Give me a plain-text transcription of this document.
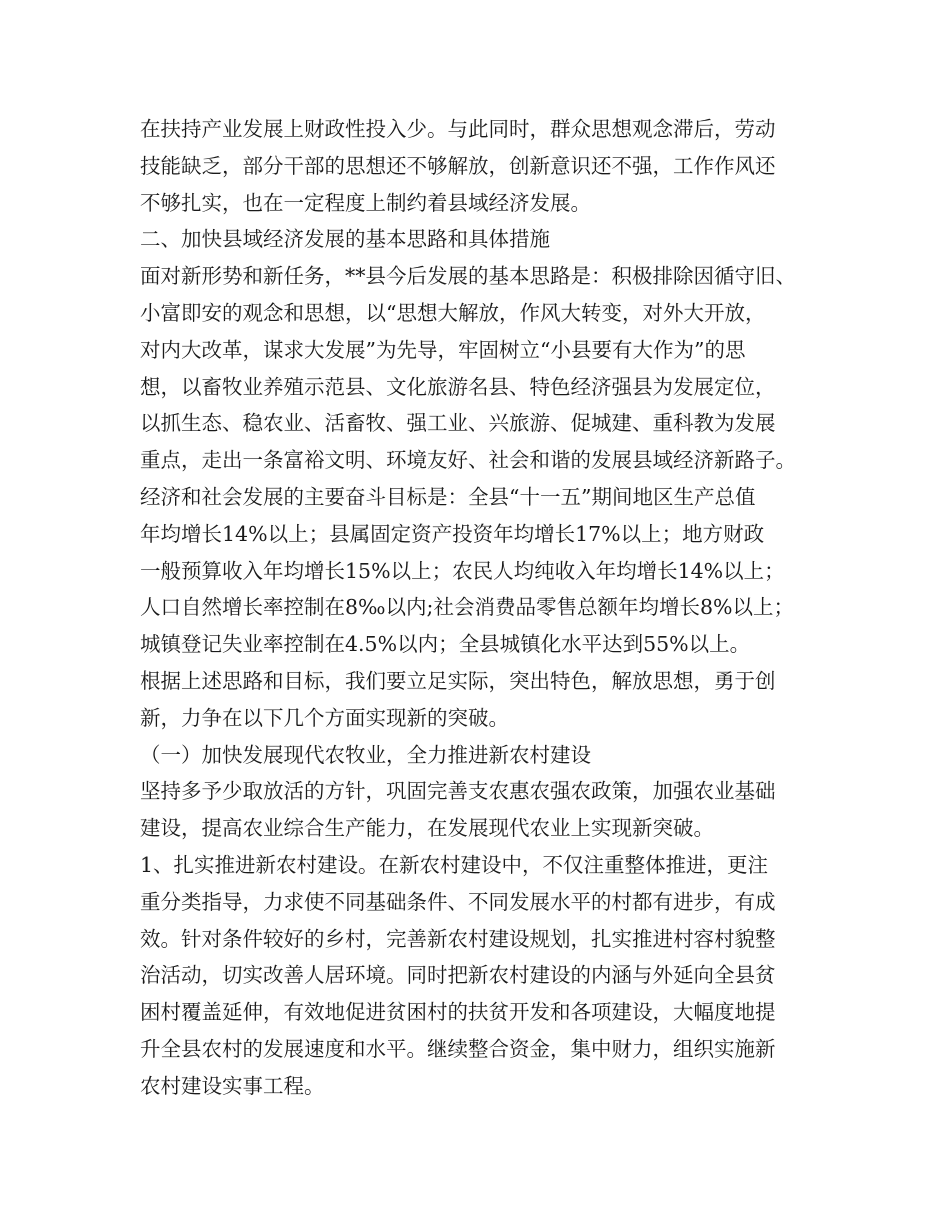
在扶持产业发展上财政性投入少。与此同时，群众思想观念滞后，劳动
技能缺乏，部分干部的思想还不够解放，创新意识还不强，工作作风还
不够扎实，也在一定程度上制约着县域经济发展。
二、加快县域经济发展的基本思路和具体措施
面对新形势和新任务，**县今后发展的基本思路是：积极排除因循守旧、
小富即安的观念和思想，以“思想大解放，作风大转变，对外大开放，
对内大改革，谋求大发展”为先导，牢固树立“小县要有大作为”的思
想，以畜牧业养殖示范县、文化旅游名县、特色经济强县为发展定位，
以抓生态、稳农业、活畜牧、强工业、兴旅游、促城建、重科教为发展
重点，走出一条富裕文明、环境友好、社会和谐的发展县域经济新路子。
经济和社会发展的主要奋斗目标是：全县“十一五”期间地区生产总值
年均增长14%以上；县属固定资产投资年均增长17%以上；地方财政
一般预算收入年均增长15%以上；农民人均纯收入年均增长14%以上；
人口自然增长率控制在8‰以内;社会消费品零售总额年均增长8%以上；
城镇登记失业率控制在4.5%以内；全县城镇化水平达到55%以上。
根据上述思路和目标，我们要立足实际，突出特色，解放思想，勇于创
新，力争在以下几个方面实现新的突破。
（一）加快发展现代农牧业，全力推进新农村建设
坚持多予少取放活的方针，巩固完善支农惠农强农政策，加强农业基础
建设，提高农业综合生产能力，在发展现代农业上实现新突破。
1、扎实推进新农村建设。在新农村建设中，不仅注重整体推进，更注
重分类指导，力求使不同基础条件、不同发展水平的村都有进步，有成
效。针对条件较好的乡村，完善新农村建设规划，扎实推进村容村貌整
治活动，切实改善人居环境。同时把新农村建设的内涵与外延向全县贫
困村覆盖延伸，有效地促进贫困村的扶贫开发和各项建设，大幅度地提
升全县农村的发展速度和水平。继续整合资金，集中财力，组织实施新
农村建设实事工程。
